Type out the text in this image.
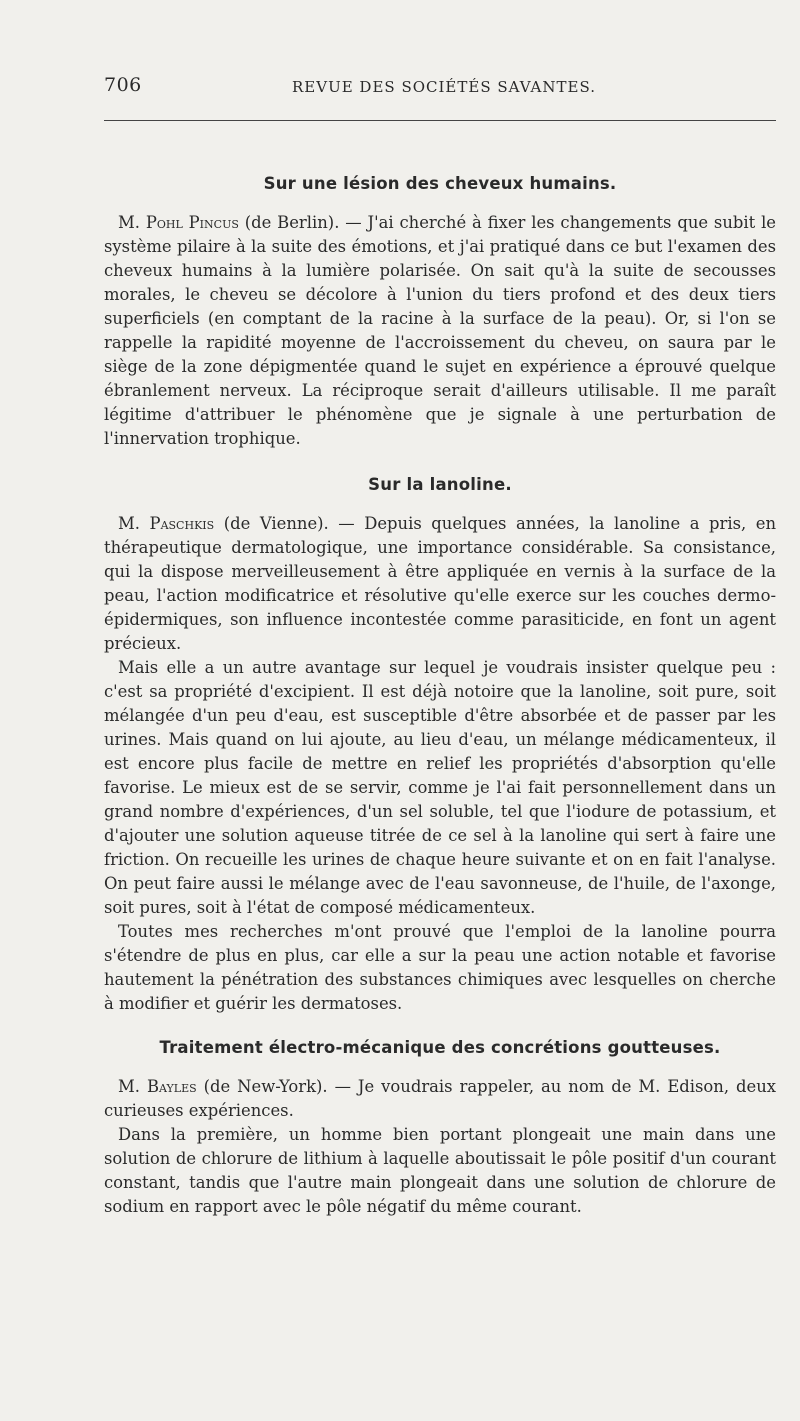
706	REVUE DES SOCIÉTÉS SAVANTES.
Sur une lésion des cheveux humains.

M. Pohl Pincus (de Berlin). — J'ai cherché à fixer les changements que subit le système pilaire à la suite des émotions, et j'ai pratiqué dans ce but l'examen des cheveux humains à la lumière polarisée. On sait qu'à la suite de secousses morales, le cheveu se décolore à l'union du tiers profond et des deux tiers superficiels (en comptant de la racine à la surface de la peau). Or, si l'on se rappelle la rapidité moyenne de l'accroissement du cheveu, on saura par le siège de la zone dépigmentée quand le sujet en expérience a éprouvé quelque ébranlement nerveux. La réciproque serait d'ailleurs utilisable. Il me paraît légitime d'attribuer le phénomène que je signale à une perturbation de l'innervation trophique.

Sur la lanoline.

M. Paschkis (de Vienne). — Depuis quelques années, la lanoline a pris, en thérapeutique dermatologique, une importance considérable. Sa consistance, qui la dispose merveilleusement à être appliquée en vernis à la surface de la peau, l'action modificatrice et résolutive qu'elle exerce sur les couches dermo-épidermiques, son influence incontestée comme parasiticide, en font un agent précieux.

Mais elle a un autre avantage sur lequel je voudrais insister quelque peu : c'est sa propriété d'excipient. Il est déjà notoire que la lanoline, soit pure, soit mélangée d'un peu d'eau, est susceptible d'être absorbée et de passer par les urines. Mais quand on lui ajoute, au lieu d'eau, un mélange médicamenteux, il est encore plus facile de mettre en relief les propriétés d'absorption qu'elle favorise. Le mieux est de se servir, comme je l'ai fait personnellement dans un grand nombre d'expériences, d'un sel soluble, tel que l'iodure de potassium, et d'ajouter une solution aqueuse titrée de ce sel à la lanoline qui sert à faire une friction. On recueille les urines de chaque heure suivante et on en fait l'analyse. On peut faire aussi le mélange avec de l'eau savonneuse, de l'huile, de l'axonge, soit pures, soit à l'état de composé médicamenteux.

Toutes mes recherches m'ont prouvé que l'emploi de la lanoline pourra s'étendre de plus en plus, car elle a sur la peau une action notable et favorise hautement la pénétration des substances chimiques avec lesquelles on cherche à modifier et guérir les dermatoses.

Traitement électro-mécanique des concrétions goutteuses.

M. Bayles (de New-York). — Je voudrais rappeler, au nom de M. Edison, deux curieuses expériences.

Dans la première, un homme bien portant plongeait une main dans une solution de chlorure de lithium à laquelle aboutissait le pôle positif d'un courant constant, tandis que l'autre main plongeait dans une solution de chlorure de sodium en rapport avec le pôle négatif du même courant.
